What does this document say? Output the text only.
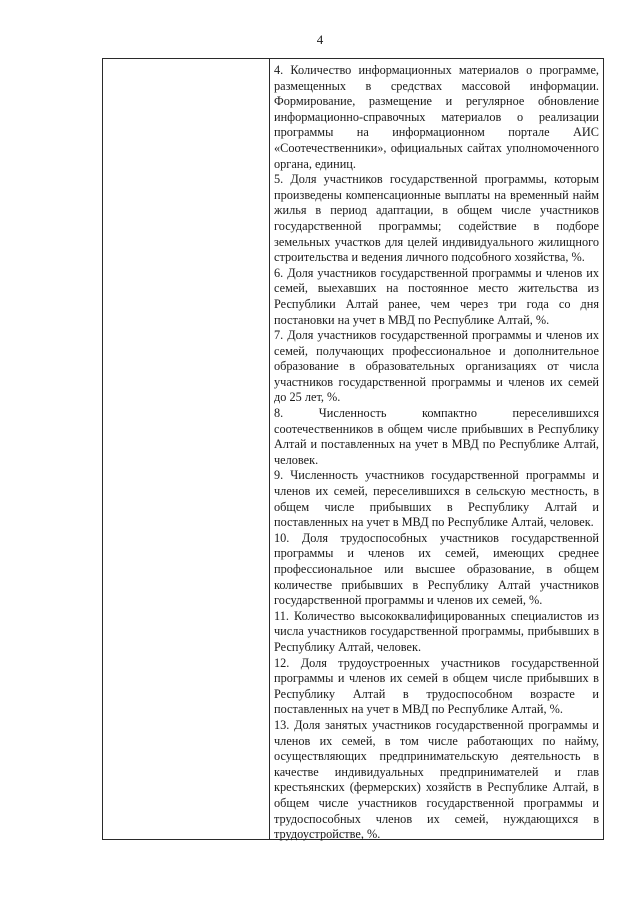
4

4. Количество информационных материалов о программе, размещенных в средствах массовой информации. Формирование, размещение и регулярное обновление информационно-справочных материалов о реализации программы на информационном портале АИС «Соотечественники», официальных сайтах уполномоченного органа, единиц.

5. Доля участников государственной программы, которым произведены компенсационные выплаты на временный найм жилья в период адаптации, в общем числе участников государственной программы; содействие в подборе земельных участков для целей индивидуального жилищного строительства и ведения личного подсобного хозяйства, %.

6. Доля участников государственной программы и членов их семей, выехавших на постоянное место жительства из Республики Алтай ранее, чем через три года со дня постановки на учет в МВД по Республике Алтай, %.

7. Доля участников государственной программы и членов их семей, получающих профессиональное и дополнительное образование в образовательных организациях от числа участников государственной программы и членов их семей до 25 лет, %.

8. Численность компактно переселившихся соотечественников в общем числе прибывших в Республику Алтай и поставленных на учет в МВД по Республике Алтай, человек.

9. Численность участников государственной программы и членов их семей, переселившихся в сельскую местность, в общем числе прибывших в Республику Алтай и поставленных на учет в МВД по Республике Алтай, человек.

10. Доля трудоспособных участников государственной программы и членов их семей, имеющих среднее профессиональное или высшее образование, в общем количестве прибывших в Республику Алтай участников государственной программы и членов их семей, %.

11. Количество высококвалифицированных специалистов из числа участников государственной программы, прибывших в Республику Алтай, человек.

12. Доля трудоустроенных участников государственной программы и членов их семей в общем числе прибывших в Республику Алтай в трудоспособном возрасте и поставленных на учет в МВД по Республике Алтай, %.

13. Доля занятых участников государственной программы и членов их семей, в том числе работающих по найму, осуществляющих предпринимательскую деятельность в качестве индивидуальных предпринимателей и глав крестьянских (фермерских) хозяйств в Республике Алтай, в общем числе участников государственной программы и трудоспособных членов их семей, нуждающихся в трудоустройстве, %.
